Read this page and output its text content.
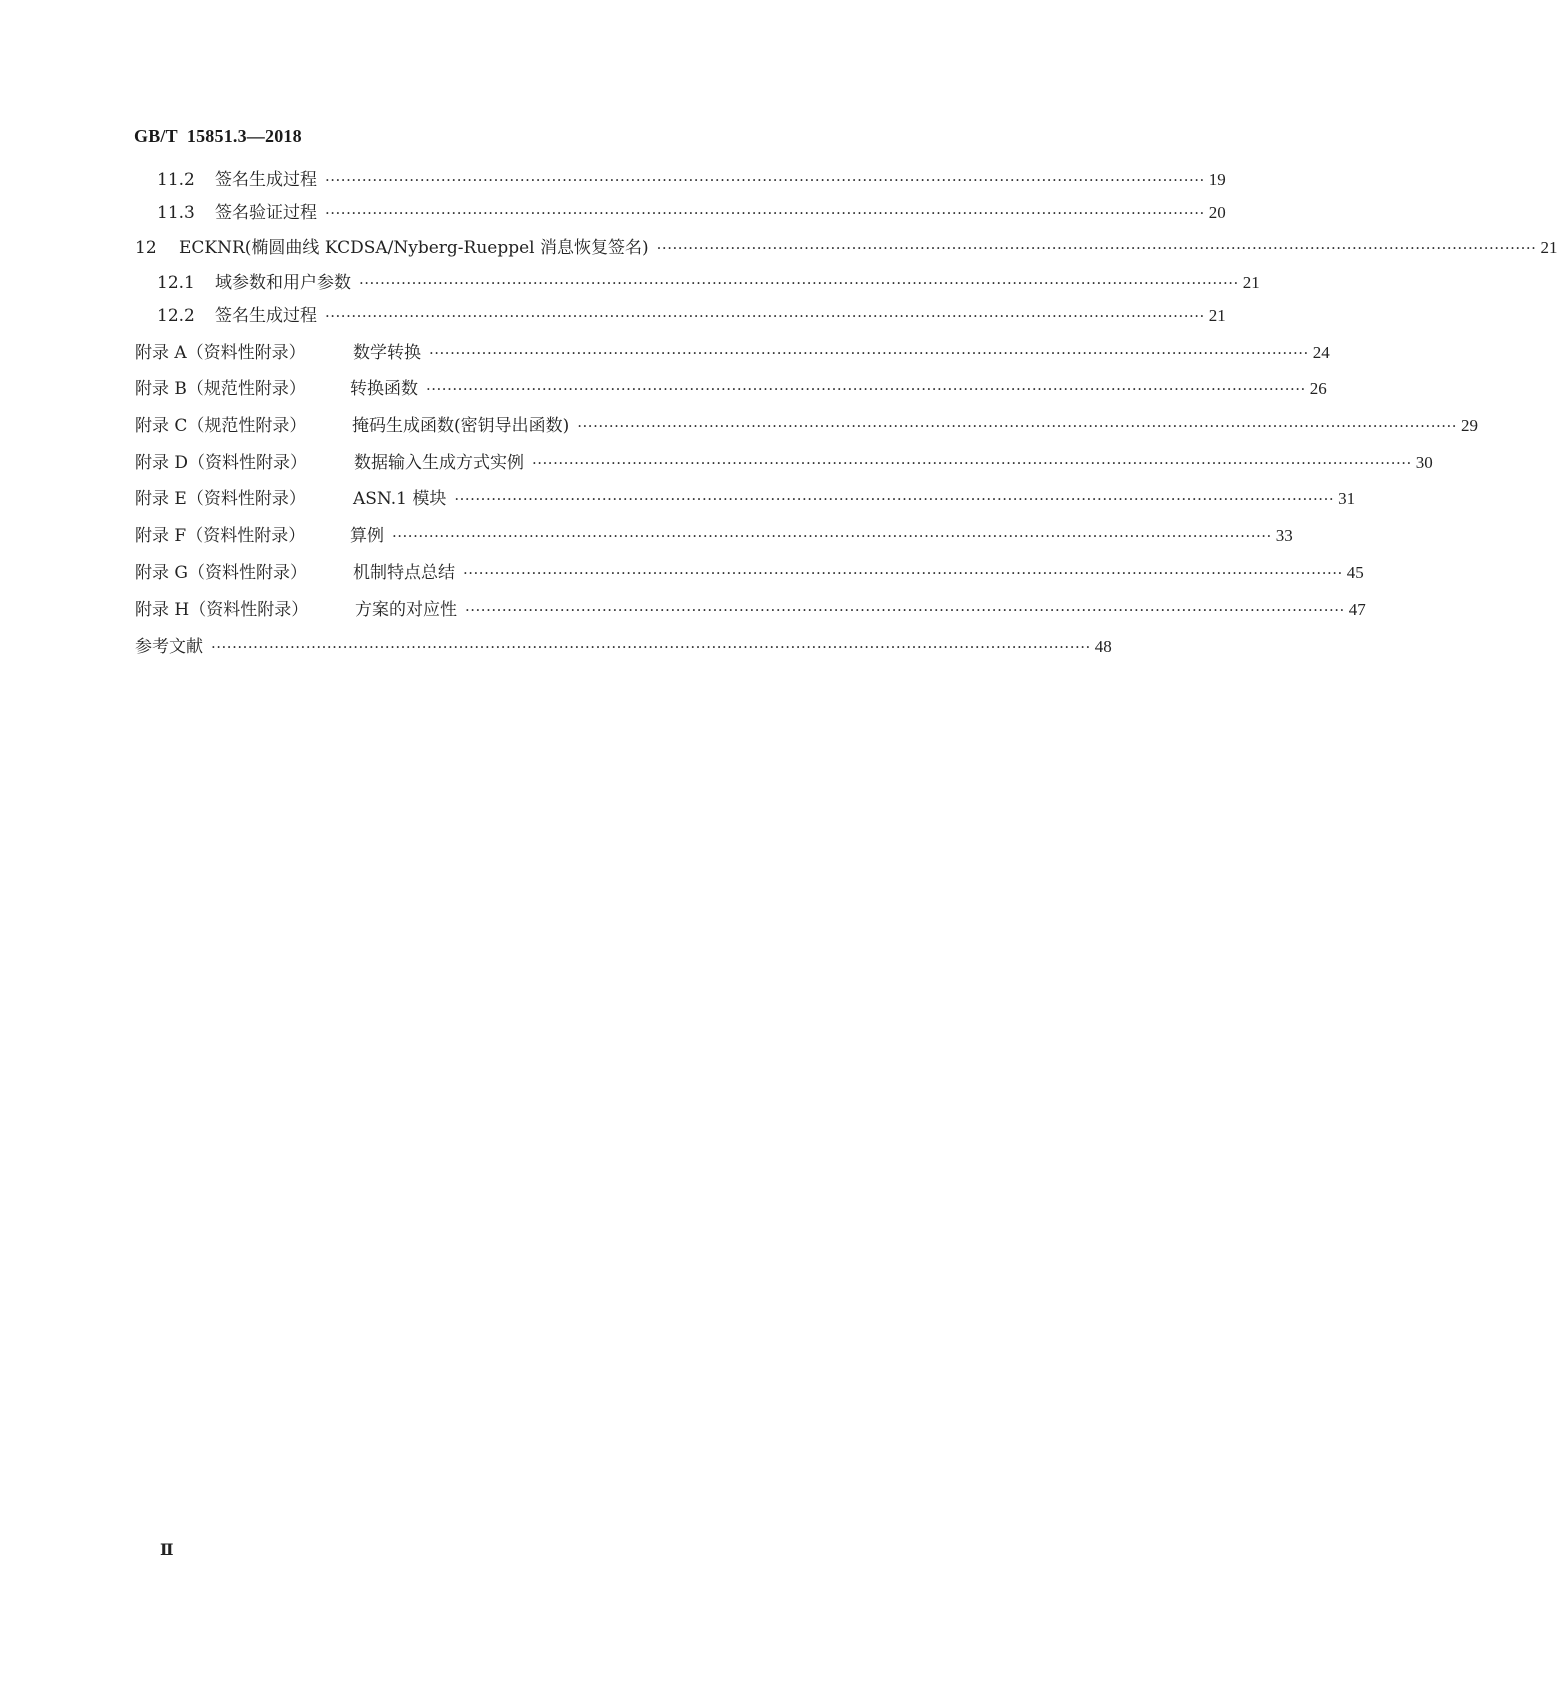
GB/T  15851.3—2018
11.2	签名生成过程 ······································································································································································· 19
11.3	签名验证过程 ······································································································································································· 20
12	ECKNR(椭圆曲线 KCDSA/Nyberg-Rueppel 消息恢复签名) ······································································································································································· 21
12.1	域参数和用户参数 ······································································································································································· 21
12.2	签名生成过程 ······································································································································································· 21
附录 A（资料性附录）	数学转换 ······································································································································································· 24
附录 B（规范性附录）	转换函数 ······································································································································································· 26
附录 C（规范性附录）	掩码生成函数(密钥导出函数) ······································································································································································· 29
附录 D（资料性附录）	数据输入生成方式实例 ······································································································································································· 30
附录 E（资料性附录）	ASN.1 模块 ······································································································································································· 31
附录 F（资料性附录）	算例 ······································································································································································· 33
附录 G（资料性附录）	机制特点总结 ······································································································································································· 45
附录 H（资料性附录）	方案的对应性 ······································································································································································· 47
参考文献 ······································································································································································· 48
Ⅱ
